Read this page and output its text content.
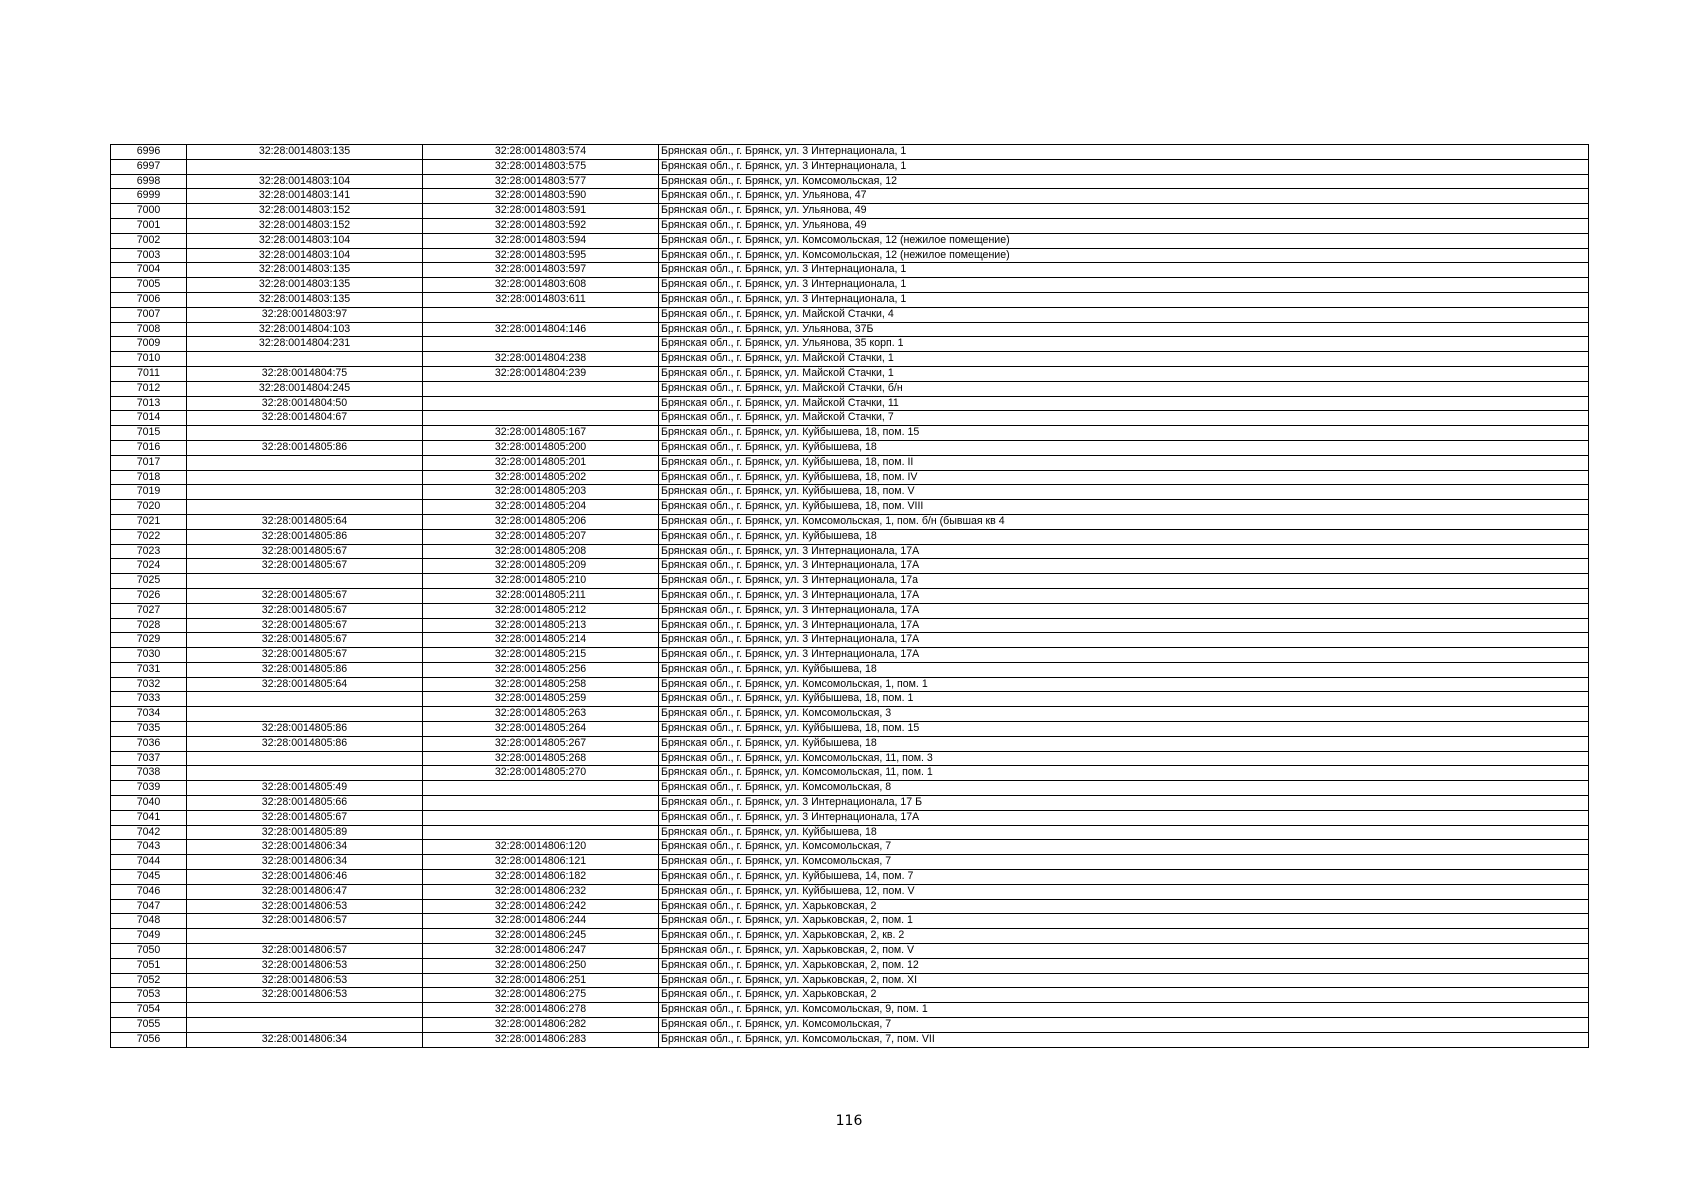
6996	32:28:0014803:135	32:28:0014803:574	Брянская обл., г. Брянск, ул. 3 Интернационала, 1
6997		32:28:0014803:575	Брянская обл., г. Брянск, ул. 3 Интернационала, 1
6998	32:28:0014803:104	32:28:0014803:577	Брянская обл., г. Брянск, ул. Комсомольская, 12
6999	32:28:0014803:141	32:28:0014803:590	Брянская обл., г. Брянск, ул. Ульянова, 47
7000	32:28:0014803:152	32:28:0014803:591	Брянская обл., г. Брянск, ул. Ульянова, 49
7001	32:28:0014803:152	32:28:0014803:592	Брянская обл., г. Брянск, ул. Ульянова, 49
7002	32:28:0014803:104	32:28:0014803:594	Брянская обл., г. Брянск, ул. Комсомольская, 12 (нежилое помещение)
7003	32:28:0014803:104	32:28:0014803:595	Брянская обл., г. Брянск, ул. Комсомольская, 12 (нежилое помещение)
7004	32:28:0014803:135	32:28:0014803:597	Брянская обл., г. Брянск, ул. 3 Интернационала, 1
7005	32:28:0014803:135	32:28:0014803:608	Брянская обл., г. Брянск, ул. 3 Интернационала, 1
7006	32:28:0014803:135	32:28:0014803:611	Брянская обл., г. Брянск, ул. 3 Интернационала, 1
7007	32:28:0014803:97		Брянская обл., г. Брянск, ул. Майской Стачки, 4
7008	32:28:0014804:103	32:28:0014804:146	Брянская обл., г. Брянск, ул. Ульянова, 37Б
7009	32:28:0014804:231		Брянская обл., г. Брянск, ул. Ульянова, 35 корп. 1
7010		32:28:0014804:238	Брянская обл., г. Брянск, ул. Майской Стачки, 1
7011	32:28:0014804:75	32:28:0014804:239	Брянская обл., г. Брянск, ул. Майской Стачки, 1
7012	32:28:0014804:245		Брянская обл., г. Брянск, ул. Майской Стачки, б/н
7013	32:28:0014804:50		Брянская обл., г. Брянск, ул. Майской Стачки, 11
7014	32:28:0014804:67		Брянская обл., г. Брянск, ул. Майской Стачки, 7
7015		32:28:0014805:167	Брянская обл., г. Брянск, ул. Куйбышева, 18, пом. 15
7016	32:28:0014805:86	32:28:0014805:200	Брянская обл., г. Брянск, ул. Куйбышева, 18
7017		32:28:0014805:201	Брянская обл., г. Брянск, ул. Куйбышева, 18, пом. II
7018		32:28:0014805:202	Брянская обл., г. Брянск, ул. Куйбышева, 18, пом. IV
7019		32:28:0014805:203	Брянская обл., г. Брянск, ул. Куйбышева, 18, пом. V
7020		32:28:0014805:204	Брянская обл., г. Брянск, ул. Куйбышева, 18, пом. VIII
7021	32:28:0014805:64	32:28:0014805:206	Брянская обл., г. Брянск, ул. Комсомольская, 1, пом. б/н (бывшая кв 4
7022	32:28:0014805:86	32:28:0014805:207	Брянская обл., г. Брянск, ул. Куйбышева, 18
7023	32:28:0014805:67	32:28:0014805:208	Брянская обл., г. Брянск, ул. 3 Интернационала, 17А
7024	32:28:0014805:67	32:28:0014805:209	Брянская обл., г. Брянск, ул. 3 Интернационала, 17А
7025		32:28:0014805:210	Брянская обл., г. Брянск, ул. 3 Интернационала, 17а
7026	32:28:0014805:67	32:28:0014805:211	Брянская обл., г. Брянск, ул. 3 Интернационала, 17А
7027	32:28:0014805:67	32:28:0014805:212	Брянская обл., г. Брянск, ул. 3 Интернационала, 17А
7028	32:28:0014805:67	32:28:0014805:213	Брянская обл., г. Брянск, ул. 3 Интернационала, 17А
7029	32:28:0014805:67	32:28:0014805:214	Брянская обл., г. Брянск, ул. 3 Интернационала, 17А
7030	32:28:0014805:67	32:28:0014805:215	Брянская обл., г. Брянск, ул. 3 Интернационала, 17А
7031	32:28:0014805:86	32:28:0014805:256	Брянская обл., г. Брянск, ул. Куйбышева, 18
7032	32:28:0014805:64	32:28:0014805:258	Брянская обл., г. Брянск, ул. Комсомольская, 1, пом. 1
7033		32:28:0014805:259	Брянская обл., г. Брянск, ул. Куйбышева, 18, пом. 1
7034		32:28:0014805:263	Брянская обл., г. Брянск, ул. Комсомольская, 3
7035	32:28:0014805:86	32:28:0014805:264	Брянская обл., г. Брянск, ул. Куйбышева, 18, пом. 15
7036	32:28:0014805:86	32:28:0014805:267	Брянская обл., г. Брянск, ул. Куйбышева, 18
7037		32:28:0014805:268	Брянская обл., г. Брянск, ул. Комсомольская, 11, пом. 3
7038		32:28:0014805:270	Брянская обл., г. Брянск, ул. Комсомольская, 11, пом. 1
7039	32:28:0014805:49		Брянская обл., г. Брянск, ул. Комсомольская, 8
7040	32:28:0014805:66		Брянская обл., г. Брянск, ул. 3 Интернационала, 17 Б
7041	32:28:0014805:67		Брянская обл., г. Брянск, ул. 3 Интернационала, 17А
7042	32:28:0014805:89		Брянская обл., г. Брянск, ул. Куйбышева, 18
7043	32:28:0014806:34	32:28:0014806:120	Брянская обл., г. Брянск, ул. Комсомольская, 7
7044	32:28:0014806:34	32:28:0014806:121	Брянская обл., г. Брянск, ул. Комсомольская, 7
7045	32:28:0014806:46	32:28:0014806:182	Брянская обл., г. Брянск, ул. Куйбышева, 14, пом. 7
7046	32:28:0014806:47	32:28:0014806:232	Брянская обл., г. Брянск, ул. Куйбышева, 12, пом. V
7047	32:28:0014806:53	32:28:0014806:242	Брянская обл., г. Брянск, ул. Харьковская, 2
7048	32:28:0014806:57	32:28:0014806:244	Брянская обл., г. Брянск, ул. Харьковская, 2, пом. 1
7049		32:28:0014806:245	Брянская обл., г. Брянск, ул. Харьковская, 2, кв. 2
7050	32:28:0014806:57	32:28:0014806:247	Брянская обл., г. Брянск, ул. Харьковская, 2, пом. V
7051	32:28:0014806:53	32:28:0014806:250	Брянская обл., г. Брянск, ул. Харьковская, 2, пом. 12
7052	32:28:0014806:53	32:28:0014806:251	Брянская обл., г. Брянск, ул. Харьковская, 2, пом. XI
7053	32:28:0014806:53	32:28:0014806:275	Брянская обл., г. Брянск, ул. Харьковская, 2
7054		32:28:0014806:278	Брянская обл., г. Брянск, ул. Комсомольская, 9, пом. 1
7055		32:28:0014806:282	Брянская обл., г. Брянск, ул. Комсомольская, 7
7056	32:28:0014806:34	32:28:0014806:283	Брянская обл., г. Брянск, ул. Комсомольская, 7, пом. VII
116
